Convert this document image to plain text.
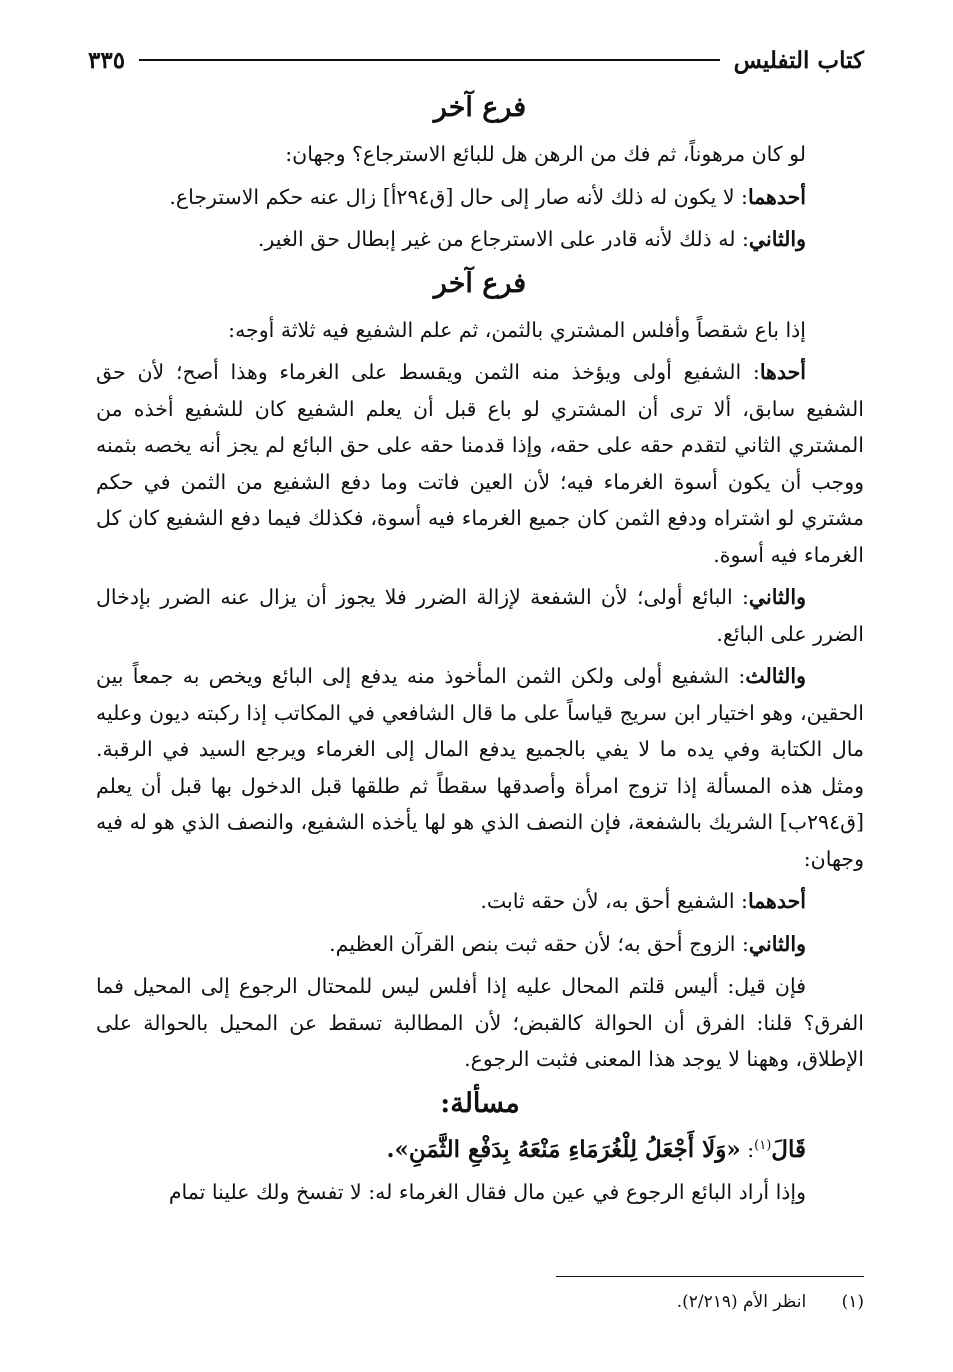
كتاب التفليس
٣٣٥
فرع آخر

لو كان مرهوناً، ثم فك من الرهن هل للبائع الاسترجاع؟ وجهان:

أحدهما: لا يكون له ذلك لأنه صار إلى حال [ق٢٩٤أ] زال عنه حكم الاسترجاع.

والثاني: له ذلك لأنه قادر على الاسترجاع من غير إبطال حق الغير.

فرع آخر

إذا باع شقصاً وأفلس المشتري بالثمن، ثم علم الشفيع فيه ثلاثة أوجه:

أحدها: الشفيع أولى ويؤخذ منه الثمن ويقسط على الغرماء وهذا أصح؛ لأن حق الشفيع سابق، ألا ترى أن المشتري لو باع قبل أن يعلم الشفيع كان للشفيع أخذه من المشتري الثاني لتقدم حقه على حقه، وإذا قدمنا حقه على حق البائع لم يجز أنه يخصه بثمنه ووجب أن يكون أسوة الغرماء فيه؛ لأن العين فاتت وما دفع الشفيع من الثمن في حكم مشتري لو اشتراه ودفع الثمن كان جميع الغرماء فيه أسوة، فكذلك فيما دفع الشفيع كان كل الغرماء فيه أسوة.

والثاني: البائع أولى؛ لأن الشفعة لإزالة الضرر فلا يجوز أن يزال عنه الضرر بإدخال الضرر على البائع.

والثالث: الشفيع أولى ولكن الثمن المأخوذ منه يدفع إلى البائع ويخص به جمعاً بين الحقين، وهو اختيار ابن سريج قياساً على ما قال الشافعي في المكاتب إذا ركبته ديون وعليه مال الكتابة وفي يده ما لا يفي بالجميع يدفع المال إلى الغرماء ويرجع السيد في الرقبة. ومثل هذه المسألة إذا تزوج امرأة وأصدقها سقطاً ثم طلقها قبل الدخول بها قبل أن يعلم [ق٢٩٤ب] الشريك بالشفعة، فإن النصف الذي هو لها يأخذه الشفيع، والنصف الذي هو له فيه وجهان:

أحدهما: الشفيع أحق به، لأن حقه ثابت.

والثاني: الزوج أحق به؛ لأن حقه ثبت بنص القرآن العظيم.

فإن قيل: أليس قلتم المحال عليه إذا أفلس ليس للمحتال الرجوع إلى المحيل فما الفرق؟ قلنا: الفرق أن الحوالة كالقبض؛ لأن المطالبة تسقط عن المحيل بالحوالة على الإطلاق، وههنا لا يوجد هذا المعنى فثبت الرجوع.

مسألة:

قَالَ$^{(١)}$: «وَلَا أَجْعَلُ لِلْغُرَمَاءِ مَنْعَهُ بِدَفْعِ الثَّمَنِ».

وإذا أراد البائع الرجوع في عين مال فقال الغرماء له: لا تفسخ ولك علينا تمام

(١) انظر الأم (٢/٢١٩).
